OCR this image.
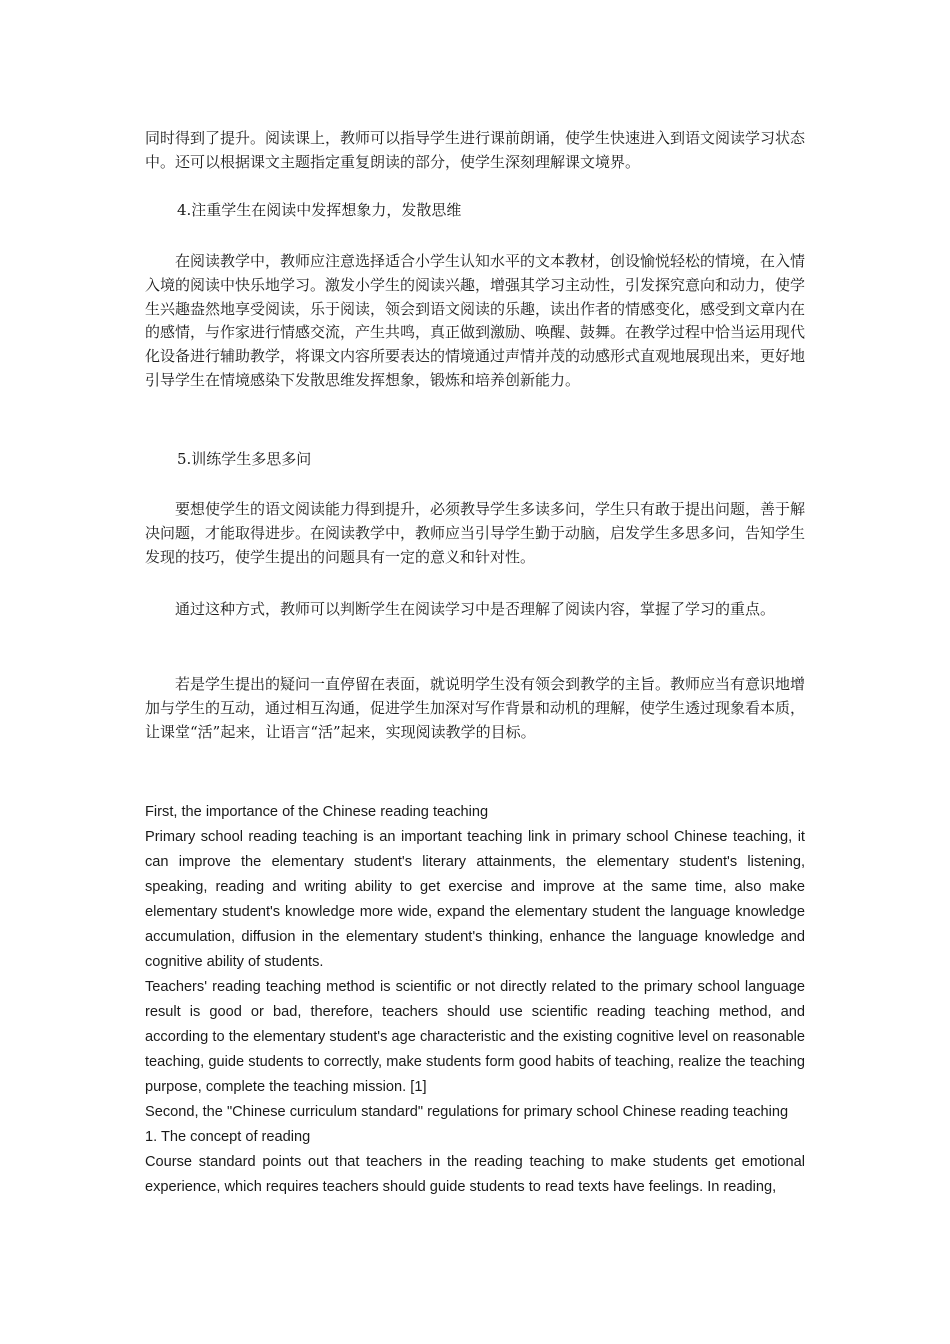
同时得到了提升。阅读课上，教师可以指导学生进行课前朗诵，使学生快速进入到语文阅读学习状态中。还可以根据课文主题指定重复朗读的部分，使学生深刻理解课文境界。

4.注重学生在阅读中发挥想象力，发散思维

在阅读教学中，教师应注意选择适合小学生认知水平的文本教材，创设愉悦轻松的情境，在入情入境的阅读中快乐地学习。激发小学生的阅读兴趣，增强其学习主动性，引发探究意向和动力，使学生兴趣盎然地享受阅读，乐于阅读，领会到语文阅读的乐趣，读出作者的情感变化，感受到文章内在的感情，与作家进行情感交流，产生共鸣，真正做到激励、唤醒、鼓舞。在教学过程中恰当运用现代化设备进行辅助教学，将课文内容所要表达的情境通过声情并茂的动感形式直观地展现出来，更好地引导学生在情境感染下发散思维发挥想象，锻炼和培养创新能力。

5.训练学生多思多问

要想使学生的语文阅读能力得到提升，必须教导学生多读多问，学生只有敢于提出问题，善于解决问题，才能取得进步。在阅读教学中，教师应当引导学生勤于动脑，启发学生多思多问，告知学生发现的技巧，使学生提出的问题具有一定的意义和针对性。

通过这种方式，教师可以判断学生在阅读学习中是否理解了阅读内容，掌握了学习的重点。

若是学生提出的疑问一直停留在表面，就说明学生没有领会到教学的主旨。教师应当有意识地增加与学生的互动，通过相互沟通，促进学生加深对写作背景和动机的理解，使学生透过现象看本质，让课堂“活”起来，让语言“活”起来，实现阅读教学的目标。

First, the importance of the Chinese reading teaching

Primary school reading teaching is an important teaching link in primary school Chinese teaching, it can improve the elementary student's literary attainments, the elementary student's listening, speaking, reading and writing ability to get exercise and improve at the same time, also make elementary student's knowledge more wide, expand the elementary student the language knowledge accumulation, diffusion in the elementary student's thinking, enhance the language knowledge and cognitive ability of students.

Teachers' reading teaching method is scientific or not directly related to the primary school language result is good or bad, therefore, teachers should use scientific reading teaching method, and according to the elementary student's age characteristic and the existing cognitive level on reasonable teaching, guide students to correctly, make students form good habits of teaching, realize the teaching purpose, complete the teaching mission. [1]

Second, the "Chinese curriculum standard" regulations for primary school Chinese reading teaching

1. The concept of reading

Course standard points out that teachers in the reading teaching to make students get emotional experience, which requires teachers should guide students to read texts have feelings. In reading,
